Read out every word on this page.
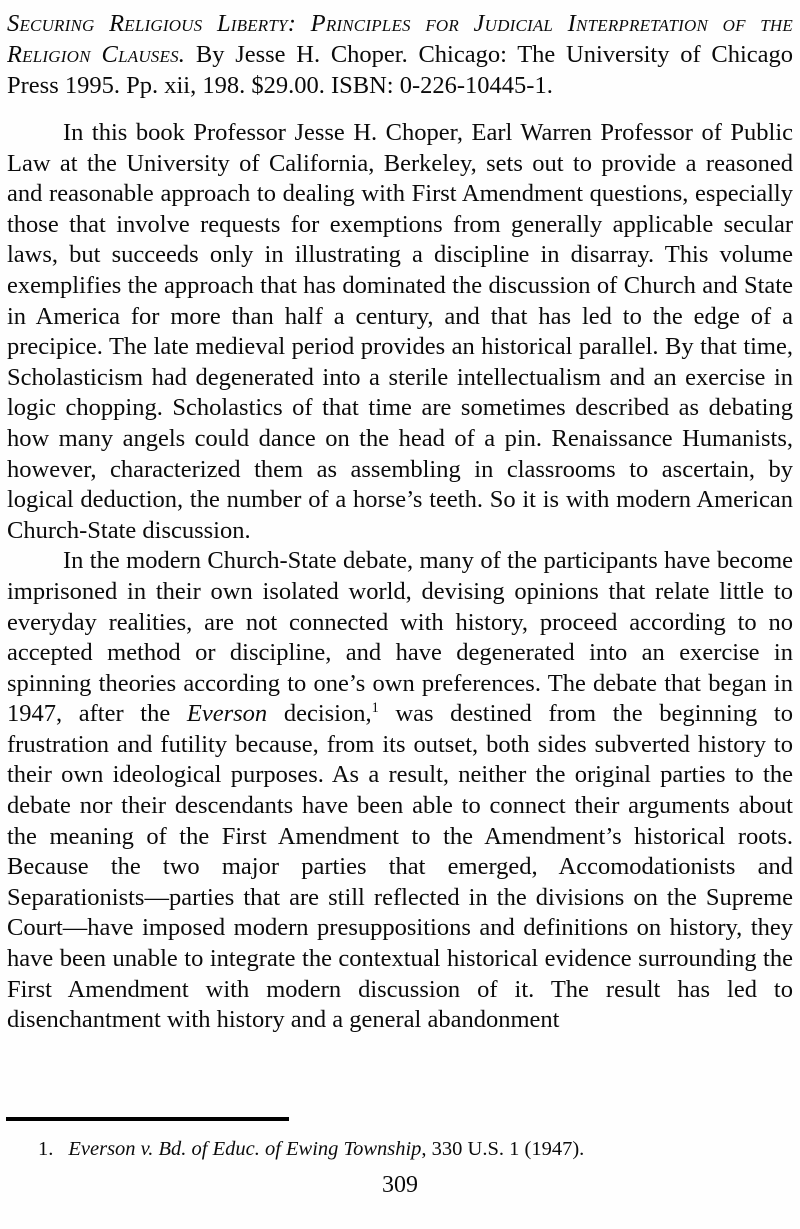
Securing Religious Liberty: Principles for Judicial Interpretation of the Religion Clauses. By Jesse H. Choper. Chicago: The University of Chicago Press 1995. Pp. xii, 198. $29.00. ISBN: 0-226-10445-1.

In this book Professor Jesse H. Choper, Earl Warren Professor of Public Law at the University of California, Berkeley, sets out to provide a reasoned and reasonable approach to dealing with First Amendment questions, especially those that involve requests for exemptions from generally applicable secular laws, but succeeds only in illustrating a discipline in disarray. This volume exemplifies the approach that has dominated the discussion of Church and State in America for more than half a century, and that has led to the edge of a precipice. The late medieval period provides an historical parallel. By that time, Scholasticism had degenerated into a sterile intellectualism and an exercise in logic chopping. Scholastics of that time are sometimes described as debating how many angels could dance on the head of a pin. Renaissance Humanists, however, characterized them as assembling in classrooms to ascertain, by logical deduction, the number of a horse’s teeth. So it is with modern American Church-State discussion.

In the modern Church-State debate, many of the participants have become imprisoned in their own isolated world, devising opinions that relate little to everyday realities, are not connected with history, proceed according to no accepted method or discipline, and have degenerated into an exercise in spinning theories according to one’s own preferences. The debate that began in 1947, after the Everson decision,$^1$ was destined from the beginning to frustration and futility because, from its outset, both sides subverted history to their own ideological purposes. As a result, neither the original parties to the debate nor their descendants have been able to connect their arguments about the meaning of the First Amendment to the Amendment’s historical roots. Because the two major parties that emerged, Accomodationists and Separationists—parties that are still reflected in the divisions on the Supreme Court—have imposed modern presuppositions and definitions on history, they have been unable to integrate the contextual historical evidence surrounding the First Amendment with modern discussion of it. The result has led to disenchantment with history and a general abandonment

1. Everson v. Bd. of Educ. of Ewing Township, 330 U.S. 1 (1947).

309
